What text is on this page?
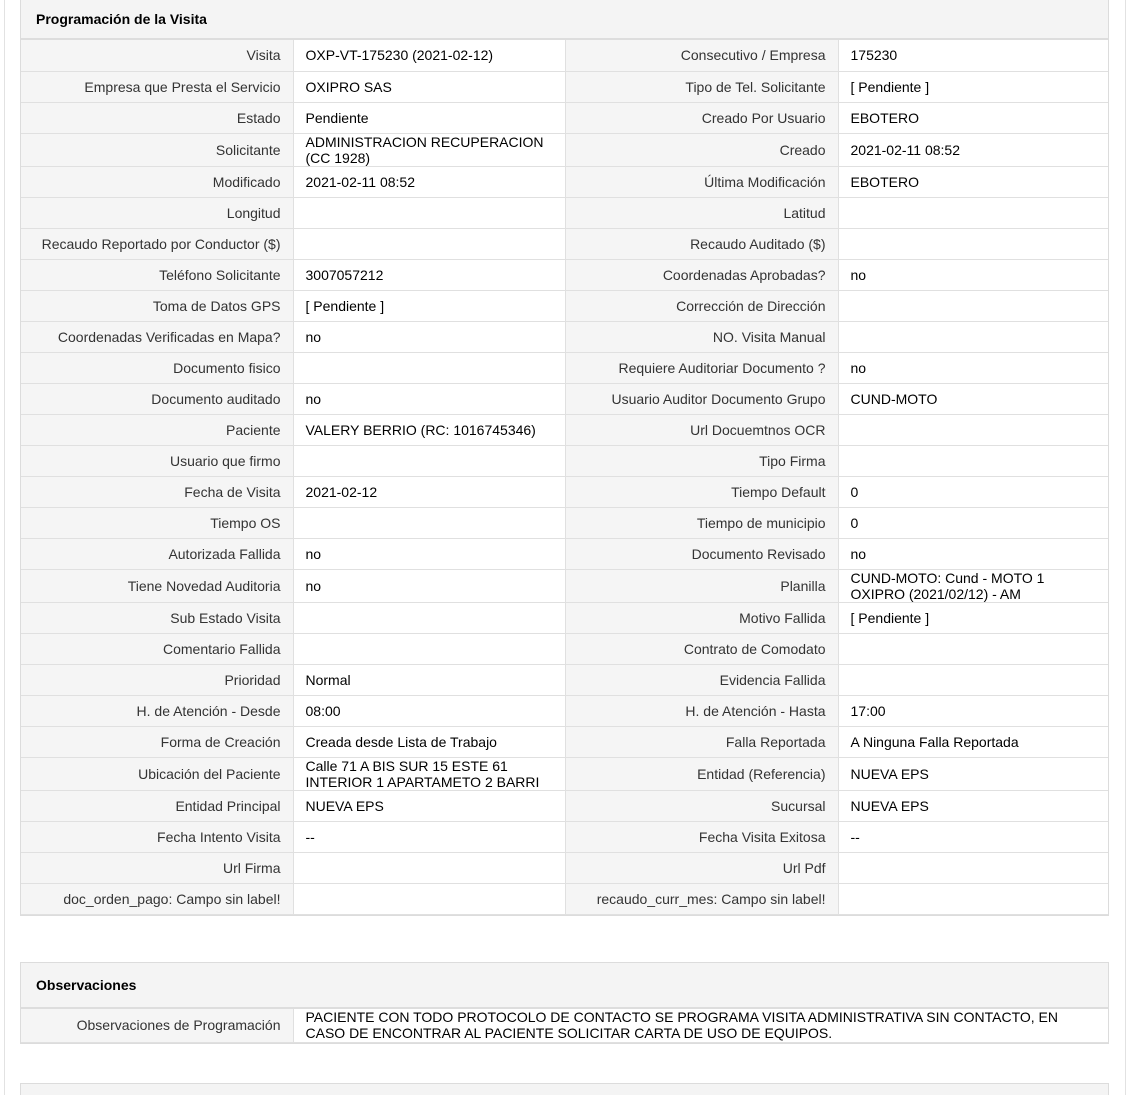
Programación de la Visita
Visita	OXP-VT-175230 (2021-02-12)	Consecutivo / Empresa	175230
Empresa que Presta el Servicio	OXIPRO SAS	Tipo de Tel. Solicitante	[ Pendiente ]
Estado	Pendiente	Creado Por Usuario	EBOTERO
Solicitante	ADMINISTRACION RECUPERACION (CC 1928)	Creado	2021-02-11 08:52
Modificado	2021-02-11 08:52	Última Modificación	EBOTERO
Longitud		Latitud	
Recaudo Reportado por Conductor ($)		Recaudo Auditado ($)	
Teléfono Solicitante	3007057212	Coordenadas Aprobadas?	no
Toma de Datos GPS	[ Pendiente ]	Corrección de Dirección	
Coordenadas Verificadas en Mapa?	no	NO. Visita Manual	
Documento fisico		Requiere Auditoriar Documento ?	no
Documento auditado	no	Usuario Auditor Documento Grupo	CUND-MOTO
Paciente	VALERY BERRIO (RC: 1016745346)	Url Docuemtnos OCR	
Usuario que firmo		Tipo Firma	
Fecha de Visita	2021-02-12	Tiempo Default	0
Tiempo OS		Tiempo de municipio	0
Autorizada Fallida	no	Documento Revisado	no
Tiene Novedad Auditoria	no	Planilla	CUND-MOTO: Cund - MOTO 1 OXIPRO (2021/02/12) - AM
Sub Estado Visita		Motivo Fallida	[ Pendiente ]
Comentario Fallida		Contrato de Comodato	
Prioridad	Normal	Evidencia Fallida	
H. de Atención - Desde	08:00	H. de Atención - Hasta	17:00
Forma de Creación	Creada desde Lista de Trabajo	Falla Reportada	A Ninguna Falla Reportada
Ubicación del Paciente	Calle 71 A BIS SUR 15 ESTE 61 INTERIOR 1 APARTAMETO 2 BARRI	Entidad (Referencia)	NUEVA EPS
Entidad Principal	NUEVA EPS	Sucursal	NUEVA EPS
Fecha Intento Visita	--	Fecha Visita Exitosa	--
Url Firma		Url Pdf	
doc_orden_pago: Campo sin label!		recaudo_curr_mes: Campo sin label!	
Observaciones
Observaciones de Programación	PACIENTE CON TODO PROTOCOLO DE CONTACTO SE PROGRAMA VISITA ADMINISTRATIVA SIN CONTACTO, EN CASO DE ENCONTRAR AL PACIENTE SOLICITAR CARTA DE USO DE EQUIPOS.
